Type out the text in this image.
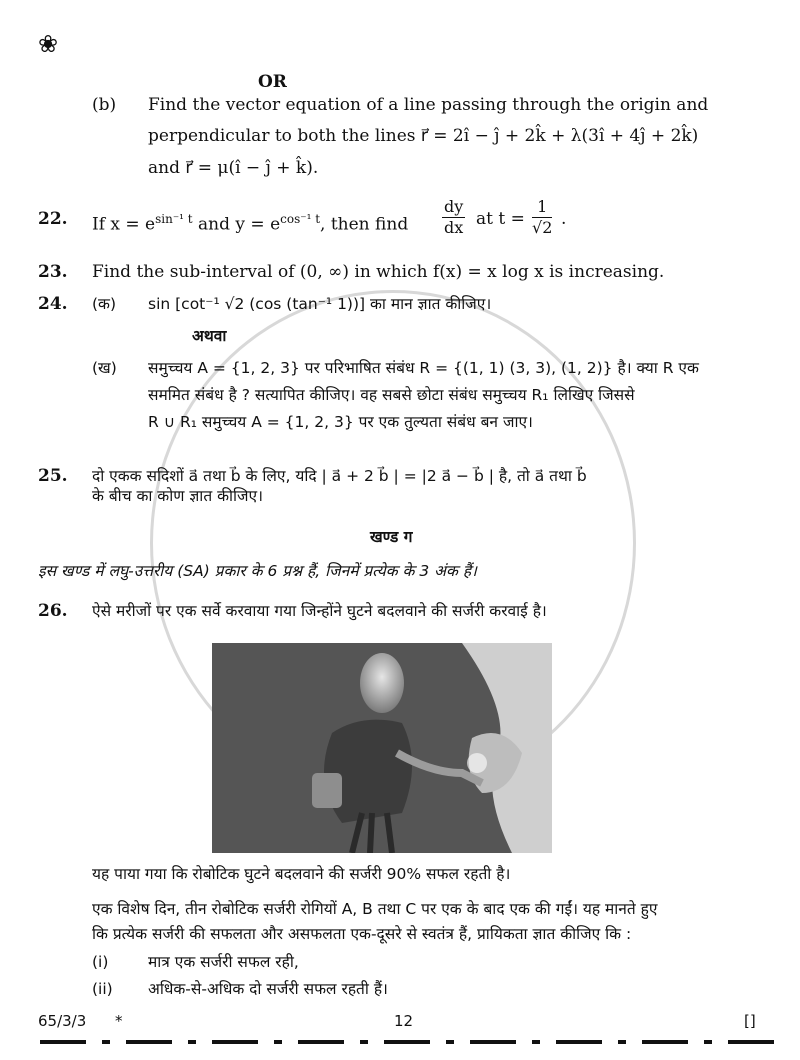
❀
OR
(b) Find the vector equation of a line passing through the origin and
perpendicular to both the lines r⃗ = 2î − ĵ + 2k̂ + λ(3î + 4ĵ + 2k̂)
and r⃗ = μ(î − ĵ + k̂).
22. If $x = e^{sin^{-1} t}$ and $y = e^{cos^{-1} t}$, then find $\frac{dy}{dx}$ at $t = \frac{1}{√2}$ .
23. Find the sub-interval of (0, ∞) in which f(x) = x log x is increasing.
24. (क) sin [cot⁻¹ √2 (cos (tan⁻¹ 1))] का मान ज्ञात कीजिए।
अथवा
(ख) समुच्चय A = {1, 2, 3} पर परिभाषित संबंध R = {(1, 1) (3, 3), (1, 2)} है। क्या R एक
सममित संबंध है ? सत्यापित कीजिए। वह सबसे छोटा संबंध समुच्चय R₁ लिखिए जिससे
R ∪ R₁ समुच्चय A = {1, 2, 3} पर एक तुल्यता संबंध बन जाए।
25. दो एकक सदिशों a⃗ तथा b⃗ के लिए, यदि | a⃗ + 2 b⃗ | = |2 a⃗ − b⃗ | है, तो a⃗ तथा b⃗
के बीच का कोण ज्ञात कीजिए।
खण्ड ग
इस खण्ड में लघु-उत्तरीय (SA) प्रकार के 6 प्रश्न हैं, जिनमें प्रत्येक के 3 अंक हैं।
26. ऐसे मरीजों पर एक सर्वे करवाया गया जिन्होंने घुटने बदलवाने की सर्जरी करवाई है।
यह पाया गया कि रोबोटिक घुटने बदलवाने की सर्जरी 90% सफल रहती है।
एक विशेष दिन, तीन रोबोटिक सर्जरी रोगियों A, B तथा C पर एक के बाद एक की गईं। यह मानते हुए
कि प्रत्येक सर्जरी की सफलता और असफलता एक-दूसरे से स्वतंत्र हैं, प्रायिकता ज्ञात कीजिए कि :
(i)	मात्र एक सर्जरी सफल रही,
(ii) अधिक-से-अधिक दो सर्जरी सफल रहती हैं।
65/3/3 *	12	[]
